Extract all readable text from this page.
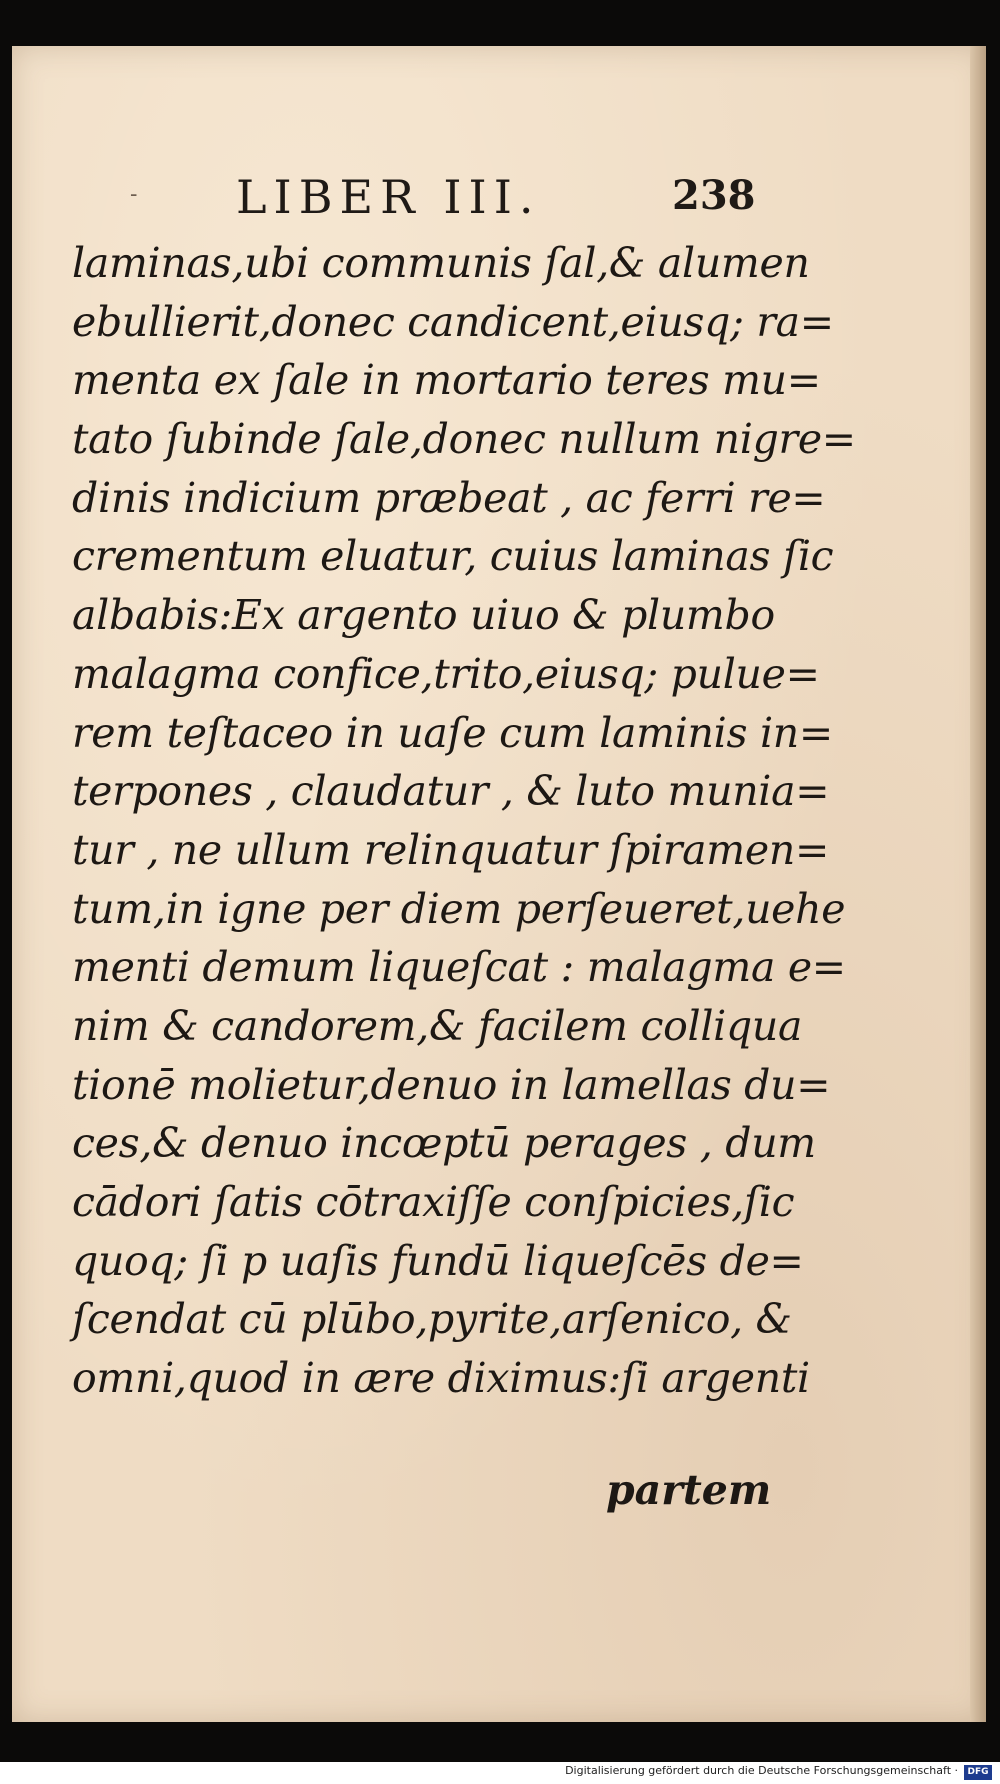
- LIBER III.	238
laminas,ubi communis ſal,& alumen
ebullierit,donec candicent,eiusq; ra=
menta ex ſale in mortario teres mu=
tato ſubinde ſale,donec nullum nigre=
dinis indicium præbeat , ac ferri re=
crementum eluatur, cuius laminas ſic
albabis:Ex argento uiuo & plumbo
malagma confice,trito,eiusq; pulue=
rem teſtaceo in uaſe cum laminis in=
terpones , claudatur , & luto munia=
tur , ne ullum relinquatur ſpiramen=
tum,in igne per diem perſeueret,uehe
menti demum liqueſcat : malagma e=
nim & candorem,& facilem colliqua
tionē molietur,denuo in lamellas du=
ces,& denuo incœptū perages , dum
cādori ſatis cōtraxiſſe conſpicies,ſic
quoq; ſi p uaſis fundū liqueſcēs de=
ſcendat cū plūbo,pyrite,arſenico, &
omni,quod in ære diximus:ſi argenti
partem
Digitalisierung gefördert durch die Deutsche Forschungsgemeinschaft ·	DFG
